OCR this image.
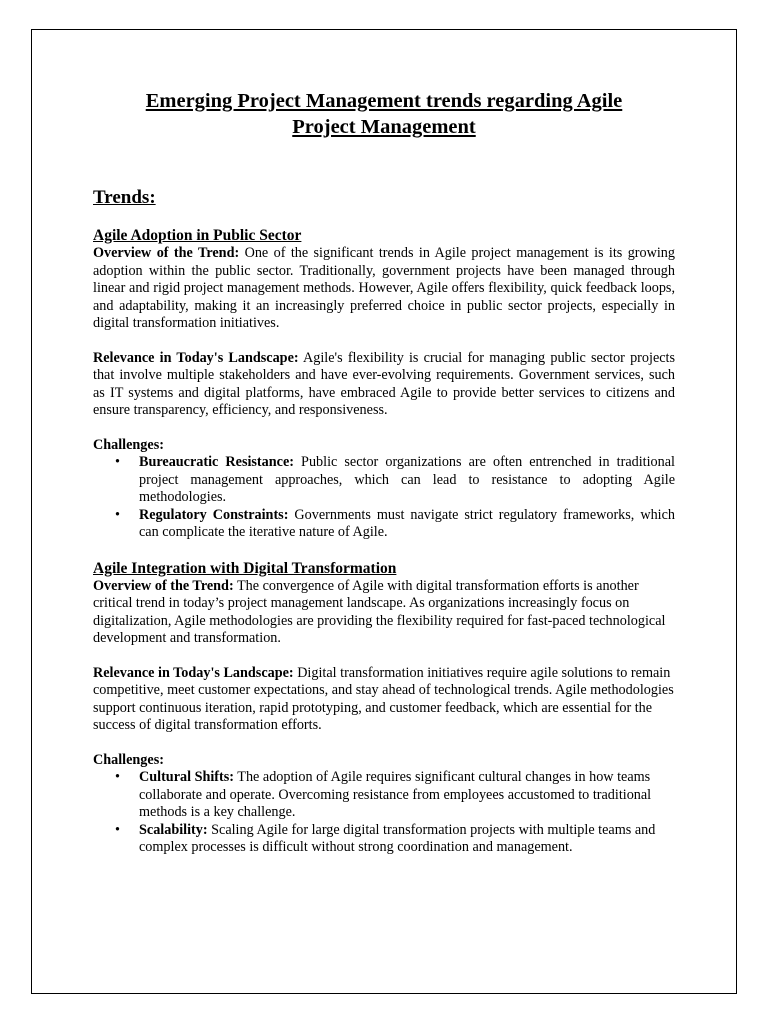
Emerging Project Management trends regarding Agile
Project Management
Trends:
Agile Adoption in Public Sector

Overview of the Trend: One of the significant trends in Agile project management is its growing adoption within the public sector. Traditionally, government projects have been managed through linear and rigid project management methods. However, Agile offers flexibility, quick feedback loops, and adaptability, making it an increasingly preferred choice in public sector projects, especially in digital transformation initiatives.

Relevance in Today's Landscape: Agile's flexibility is crucial for managing public sector projects that involve multiple stakeholders and have ever-evolving requirements. Government services, such as IT systems and digital platforms, have embraced Agile to provide better services to citizens and ensure transparency, efficiency, and responsiveness.

Challenges:

• Bureaucratic Resistance: Public sector organizations are often entrenched in traditional project management approaches, which can lead to resistance to adopting Agile methodologies.
• Regulatory Constraints: Governments must navigate strict regulatory frameworks, which can complicate the iterative nature of Agile.
Agile Integration with Digital Transformation

Overview of the Trend: The convergence of Agile with digital transformation efforts is another critical trend in today’s project management landscape. As organizations increasingly focus on digitalization, Agile methodologies are providing the flexibility required for fast-paced technological development and transformation.

Relevance in Today's Landscape: Digital transformation initiatives require agile solutions to remain competitive, meet customer expectations, and stay ahead of technological trends. Agile methodologies support continuous iteration, rapid prototyping, and customer feedback, which are essential for the success of digital transformation efforts.

Challenges:

• Cultural Shifts: The adoption of Agile requires significant cultural changes in how teams collaborate and operate. Overcoming resistance from employees accustomed to traditional methods is a key challenge.
• Scalability: Scaling Agile for large digital transformation projects with multiple teams and complex processes is difficult without strong coordination and management.
